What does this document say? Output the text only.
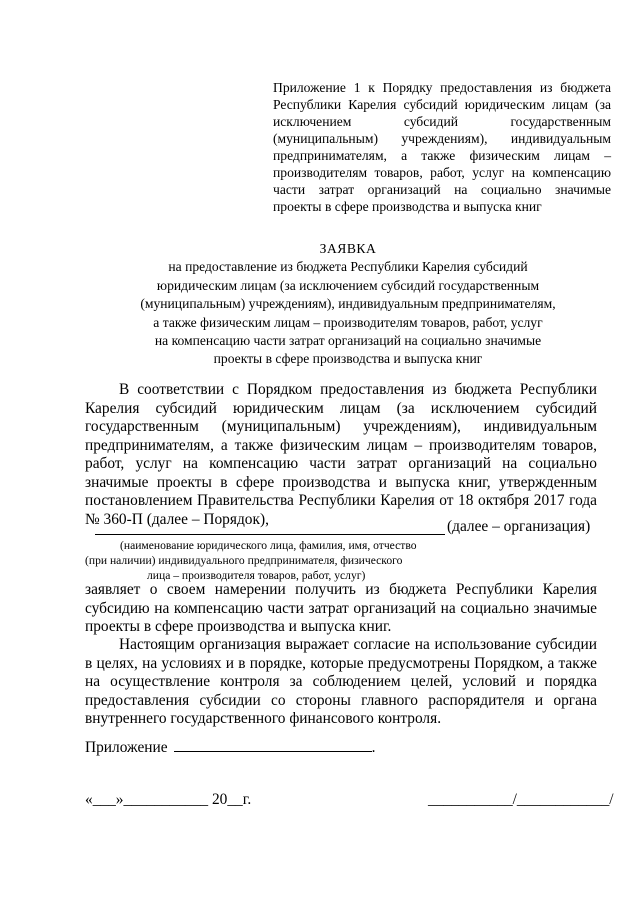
Приложение 1 к Порядку предоставления из бюджета Республики Карелия субсидий юридическим лицам (за исключением субсидий государственным (муниципальным) учреждениям), индивидуальным предпринимателям, а также физическим лицам – производителям товаров, работ, услуг на компенсацию части затрат организаций на социально значимые проекты в сфере производства и выпуска книг
ЗАЯВКА
на предоставление из бюджета Республики Карелия субсидий
юридическим лицам (за исключением субсидий государственным
(муниципальным) учреждениям), индивидуальным предпринимателям,
а также физическим лицам – производителям товаров, работ, услуг
на компенсацию части затрат организаций на социально значимые
проекты в сфере производства и выпуска книг
В соответствии с Порядком предоставления из бюджета Республики Карелия субсидий юридическим лицам (за исключением субсидий государственным (муниципальным) учреждениям), индивидуальным предпринимателям, а также физическим лицам – производителям товаров, работ, услуг на компенсацию части затрат организаций на социально значимые проекты в сфере производства и выпуска книг, утвержденным постановлением Правительства Республики Карелия от 18 октября 2017 года № 360-П (далее – Порядок),	(далее – организация)
(наименование юридического лица, фамилия, имя, отчество
(при наличии) индивидуального предпринимателя, физического
лица – производителя товаров, работ, услуг)
заявляет о своем намерении получить из бюджета Республики Карелия субсидию на компенсацию части затрат организаций на социально значимые проекты в сфере производства и выпуска книг.
Настоящим организация выражает согласие на использование субсидии в целях, на условиях и в порядке, которые предусмотрены Порядком, а также на осуществление контроля за соблюдением целей, условий и порядка предоставления субсидии со стороны главного распорядителя и органа внутреннего государственного финансового контроля.
Приложение	.
«___»___________ 20__г.	___________/____________/
